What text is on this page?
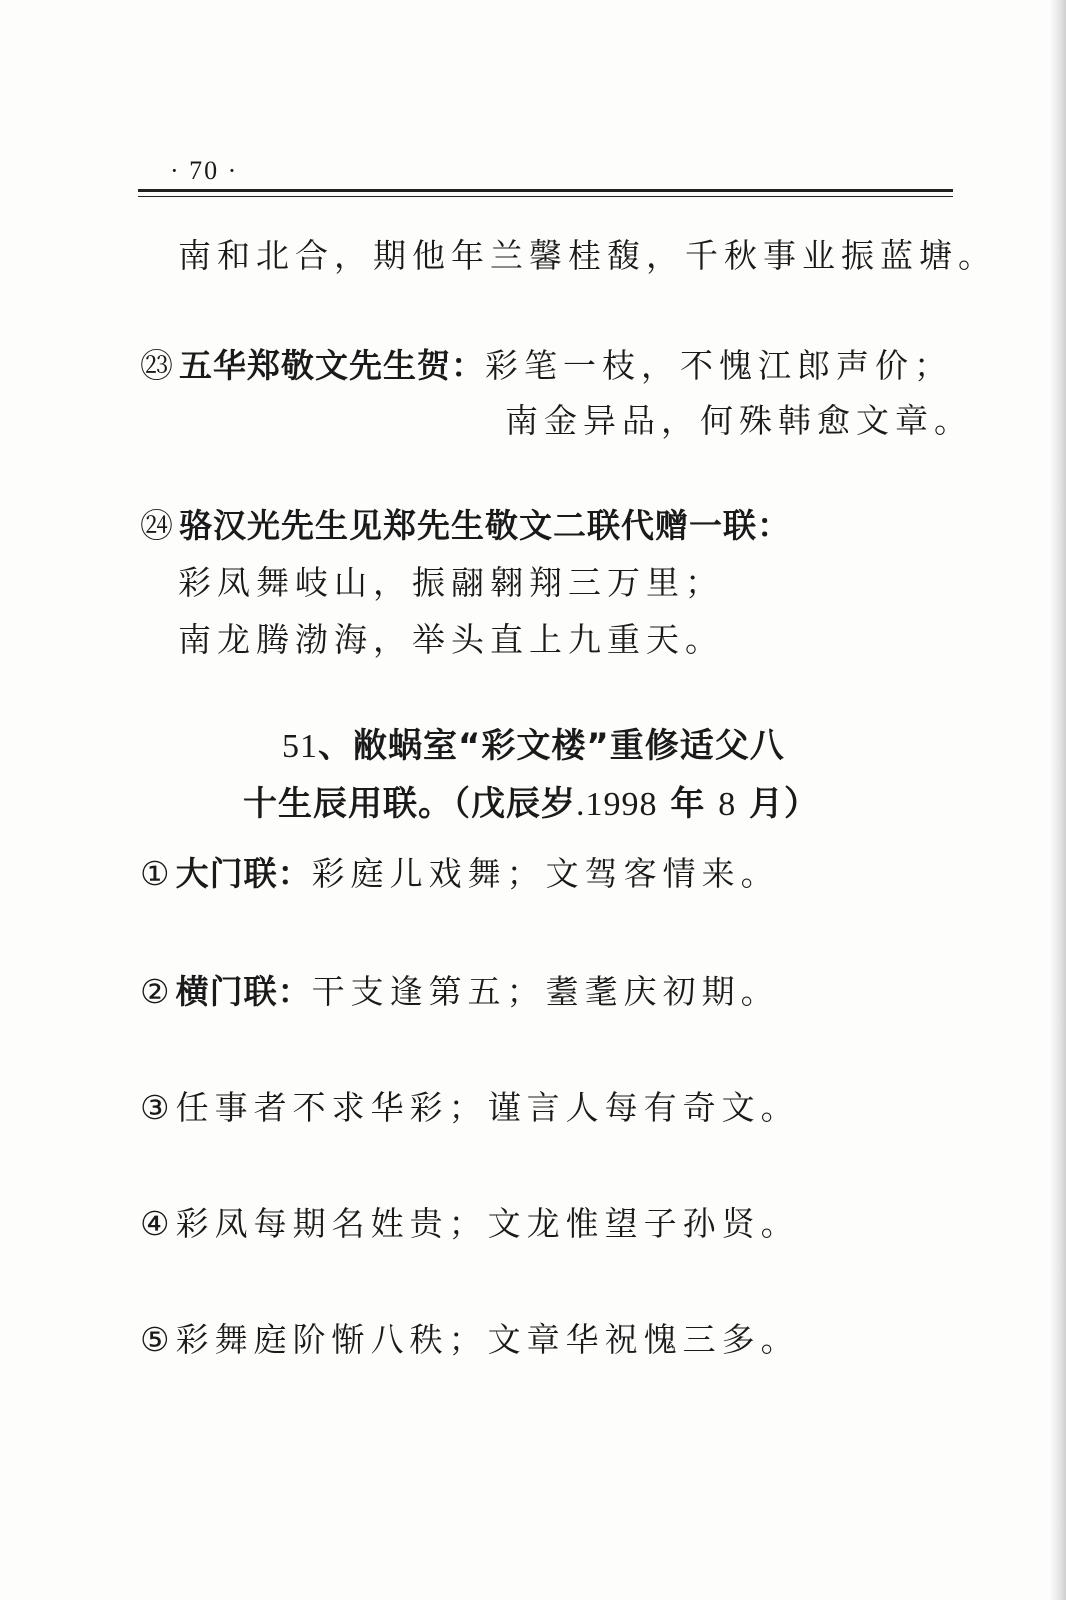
· 70 ·
南和北合，期他年兰馨桂馥，千秋事业振蓝塘。
㉓五华郑敬文先生贺：彩笔一枝，不愧江郎声价；
南金异品，何殊韩愈文章。
㉔骆汉光先生见郑先生敬文二联代赠一联：
彩凤舞岐山，振翮翱翔三万里；
南龙腾渤海，举头直上九重天。
51、敝蜗室“彩文楼”重修适父八
十生辰用联。（戊辰岁.1998 年 8 月）
①大门联：彩庭儿戏舞；文驾客情来。
②横门联：干支逢第五；耋耄庆初期。
③任事者不求华彩；谨言人每有奇文。
④彩凤每期名姓贵；文龙惟望子孙贤。
⑤彩舞庭阶惭八秩；文章华祝愧三多。
